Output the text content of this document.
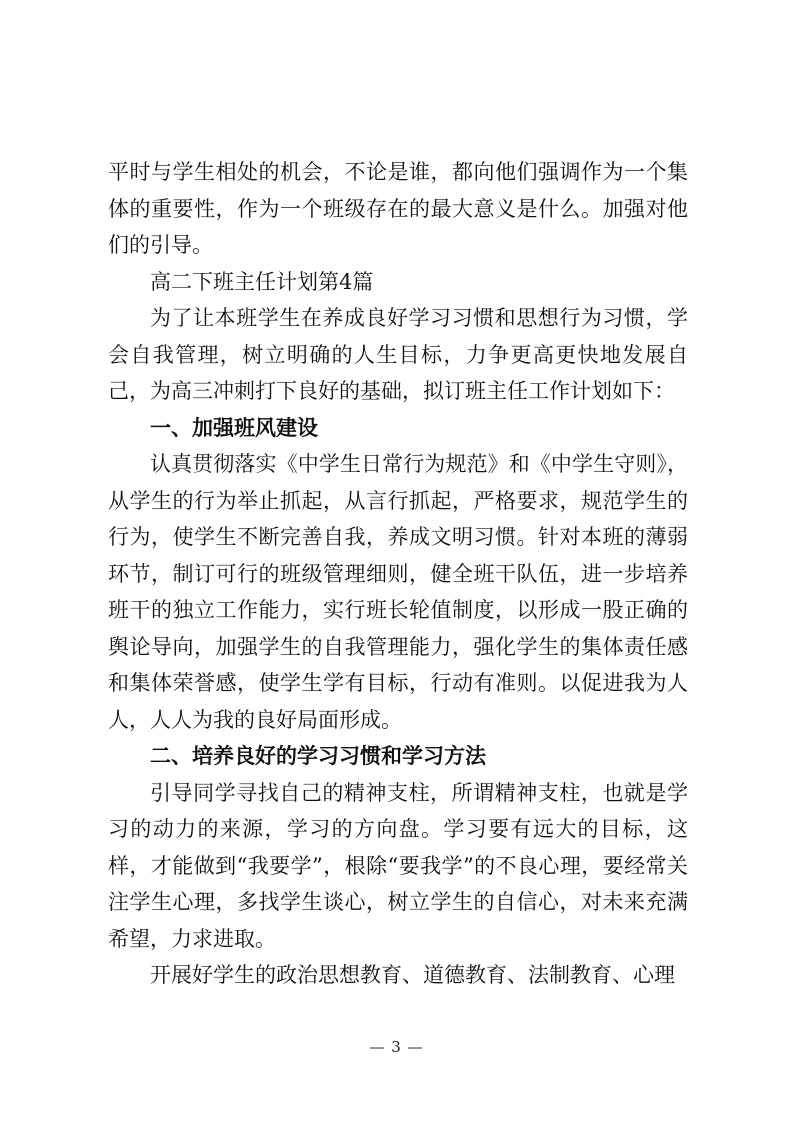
平时与学生相处的机会，不论是谁，都向他们强调作为一个集体的重要性，作为一个班级存在的最大意义是什么。加强对他们的引导。

高二下班主任计划第4篇

为了让本班学生在养成良好学习习惯和思想行为习惯，学会自我管理，树立明确的人生目标，力争更高更快地发展自己，为高三冲刺打下良好的基础，拟订班主任工作计划如下：

一、加强班风建设

认真贯彻落实《中学生日常行为规范》和《中学生守则》，从学生的行为举止抓起，从言行抓起，严格要求，规范学生的行为，使学生不断完善自我，养成文明习惯。针对本班的薄弱环节，制订可行的班级管理细则，健全班干队伍，进一步培养班干的独立工作能力，实行班长轮值制度，以形成一股正确的舆论导向，加强学生的自我管理能力，强化学生的集体责任感和集体荣誉感，使学生学有目标，行动有准则。以促进我为人人，人人为我的良好局面形成。

二、培养良好的学习习惯和学习方法

引导同学寻找自己的精神支柱，所谓精神支柱，也就是学习的动力的来源，学习的方向盘。学习要有远大的目标，这样，才能做到“我要学”，根除“要我学”的不良心理，要经常关注学生心理，多找学生谈心，树立学生的自信心，对未来充满希望，力求进取。

开展好学生的政治思想教育、道德教育、法制教育、心理

— 3 —
